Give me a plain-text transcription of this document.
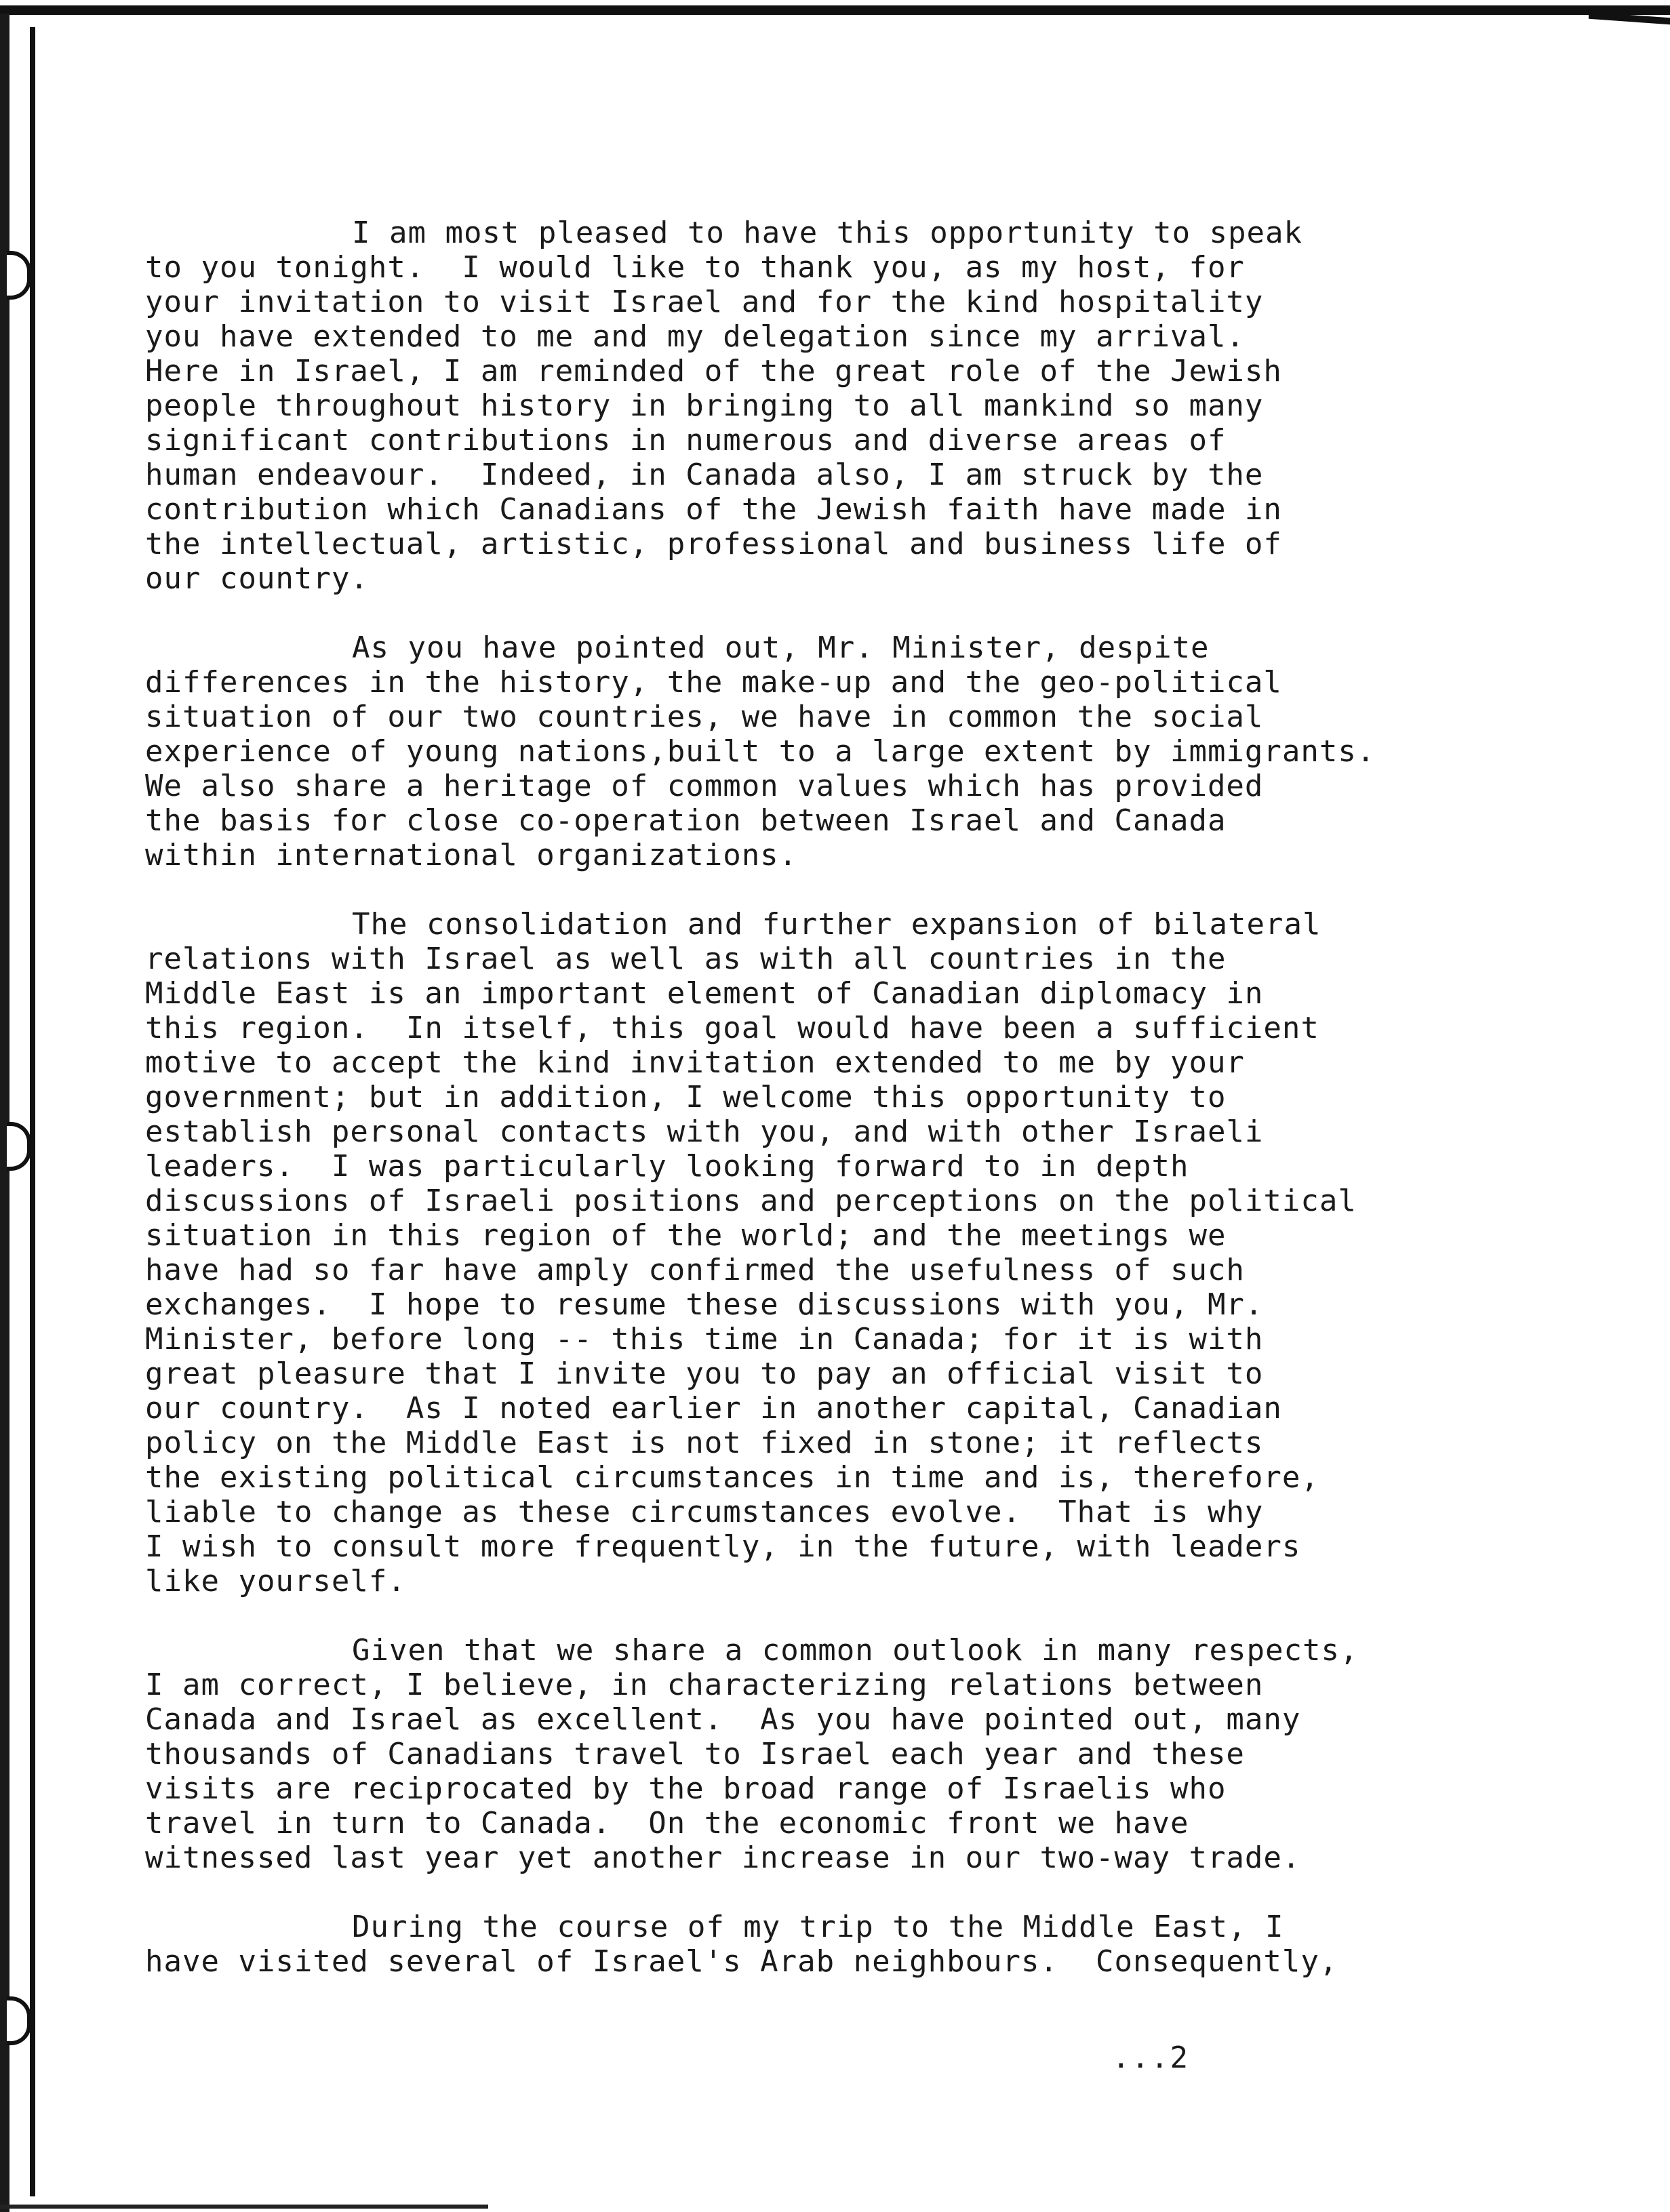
I am most pleased to have this opportunity to speak
to you tonight.  I would like to thank you, as my host, for
your invitation to visit Israel and for the kind hospitality
you have extended to me and my delegation since my arrival.
Here in Israel, I am reminded of the great role of the Jewish
people throughout history in bringing to all mankind so many
significant contributions in numerous and diverse areas of
human endeavour.  Indeed, in Canada also, I am struck by the
contribution which Canadians of the Jewish faith have made in
the intellectual, artistic, professional and business life of
our country.
As you have pointed out, Mr. Minister, despite
differences in the history, the make-up and the geo-political
situation of our two countries, we have in common the social
experience of young nations,built to a large extent by immigrants.
We also share a heritage of common values which has provided
the basis for close co-operation between Israel and Canada
within international organizations.
The consolidation and further expansion of bilateral
relations with Israel as well as with all countries in the
Middle East is an important element of Canadian diplomacy in
this region.  In itself, this goal would have been a sufficient
motive to accept the kind invitation extended to me by your
government; but in addition, I welcome this opportunity to
establish personal contacts with you, and with other Israeli
leaders.  I was particularly looking forward to in depth
discussions of Israeli positions and perceptions on the political
situation in this region of the world; and the meetings we
have had so far have amply confirmed the usefulness of such
exchanges.  I hope to resume these discussions with you, Mr.
Minister, before long -- this time in Canada; for it is with
great pleasure that I invite you to pay an official visit to
our country.  As I noted earlier in another capital, Canadian
policy on the Middle East is not fixed in stone; it reflects
the existing political circumstances in time and is, therefore,
liable to change as these circumstances evolve.  That is why
I wish to consult more frequently, in the future, with leaders
like yourself.
Given that we share a common outlook in many respects,
I am correct, I believe, in characterizing relations between
Canada and Israel as excellent.  As you have pointed out, many
thousands of Canadians travel to Israel each year and these
visits are reciprocated by the broad range of Israelis who
travel in turn to Canada.  On the economic front we have
witnessed last year yet another increase in our two-way trade.
During the course of my trip to the Middle East, I
have visited several of Israel's Arab neighbours.  Consequently,
...2
